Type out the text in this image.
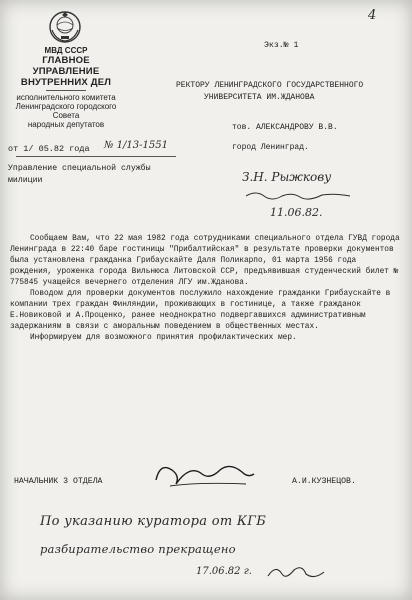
4
МВД СССР
ГЛАВНОЕ УПРАВЛЕНИЕ
ВНУТРЕННИХ ДЕЛ
исполнительного комитета
Ленинградского городского Совета
народных депутатов
от 1/ 05.82 года № 1/13-1551
Управление специальной службы
милиции
Экз.№ 1
РЕКТОРУ ЛЕНИНГРАДСКОГО ГОСУДАРСТВЕННОГО
УНИВЕРСИТЕТА ИМ.ЖДАНОВА
тов. АЛЕКСАНДРОВУ В.В.
город Ленинград.
З.Н. Рыжкову
11.06.82.

Сообщаем Вам, что 22 мая 1982 года сотрудниками специального отдела ГУВД города Ленинграда в 22:40 баре гостиницы "Прибалтийская" в результате проверки документов была установлена гражданка Грибаускайте Даля Поликарпо, 01 марта 1956 года рождения, уроженка города Вильнюса Литовской ССР, предъявившая студенческий билет № 775845 учащейся вечернего отделения ЛГУ им.Жданова.

Поводом для проверки документов послужило нахождение гражданки Грибаускайте в компании трех граждан Финляндии, проживающих в гостинице, а также гражданок Е.Новиковой и А.Проценко, ранее неоднократно подвергавшихся административным задержаниям в связи с аморальным поведением в общественных местах.

Информируем для возможного принятия профилактических мер.

НАЧАЛЬНИК 3 ОТДЕЛА	А.И.КУЗНЕЦОВ.
По указанию куратора от КГБ
разбирательство прекращено
17.06.82 г.
